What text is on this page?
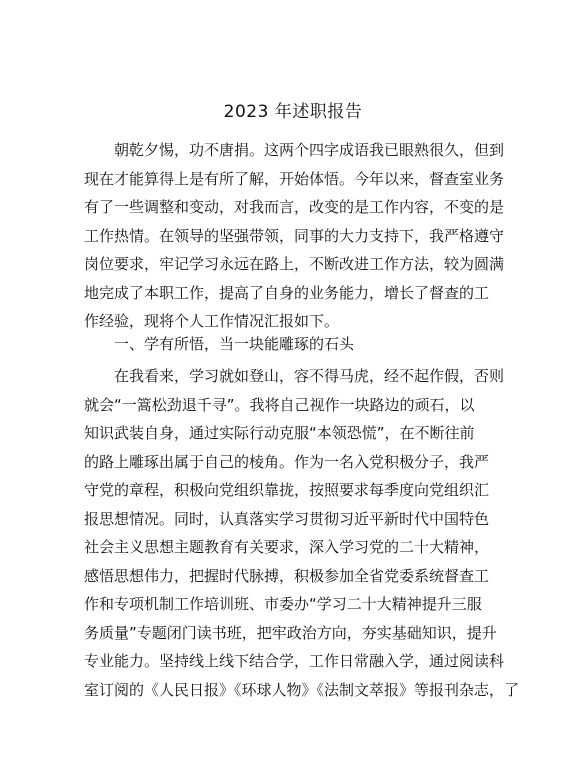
2023 年述职报告
朝乾夕惕，功不唐捐。这两个四字成语我已眼熟很久，但到
现在才能算得上是有所了解，开始体悟。今年以来，督查室业务
有了一些调整和变动，对我而言，改变的是工作内容，不变的是
工作热情。在领导的坚强带领，同事的大力支持下，我严格遵守
岗位要求，牢记学习永远在路上，不断改进工作方法，较为圆满
地完成了本职工作，提高了自身的业务能力，增长了督查的工
作经验，现将个人工作情况汇报如下。
一、学有所悟，当一块能雕琢的石头
在我看来，学习就如登山，容不得马虎，经不起作假，否则
就会“一篙松劲退千寻”。我将自己视作一块路边的顽石，以
知识武装自身，通过实际行动克服“本领恐慌”，在不断往前
的路上雕琢出属于自己的棱角。作为一名入党积极分子，我严
守党的章程，积极向党组织靠拢，按照要求每季度向党组织汇
报思想情况。同时，认真落实学习贯彻习近平新时代中国特色
社会主义思想主题教育有关要求，深入学习党的二十大精神，
感悟思想伟力，把握时代脉搏，积极参加全省党委系统督查工
作和专项机制工作培训班、市委办“学习二十大精神提升三服
务质量”专题闭门读书班，把牢政治方向，夯实基础知识，提升
专业能力。坚持线上线下结合学，工作日常融入学，通过阅读科
室订阅的《人民日报》《环球人物》《法制文萃报》等报刊杂志，了
